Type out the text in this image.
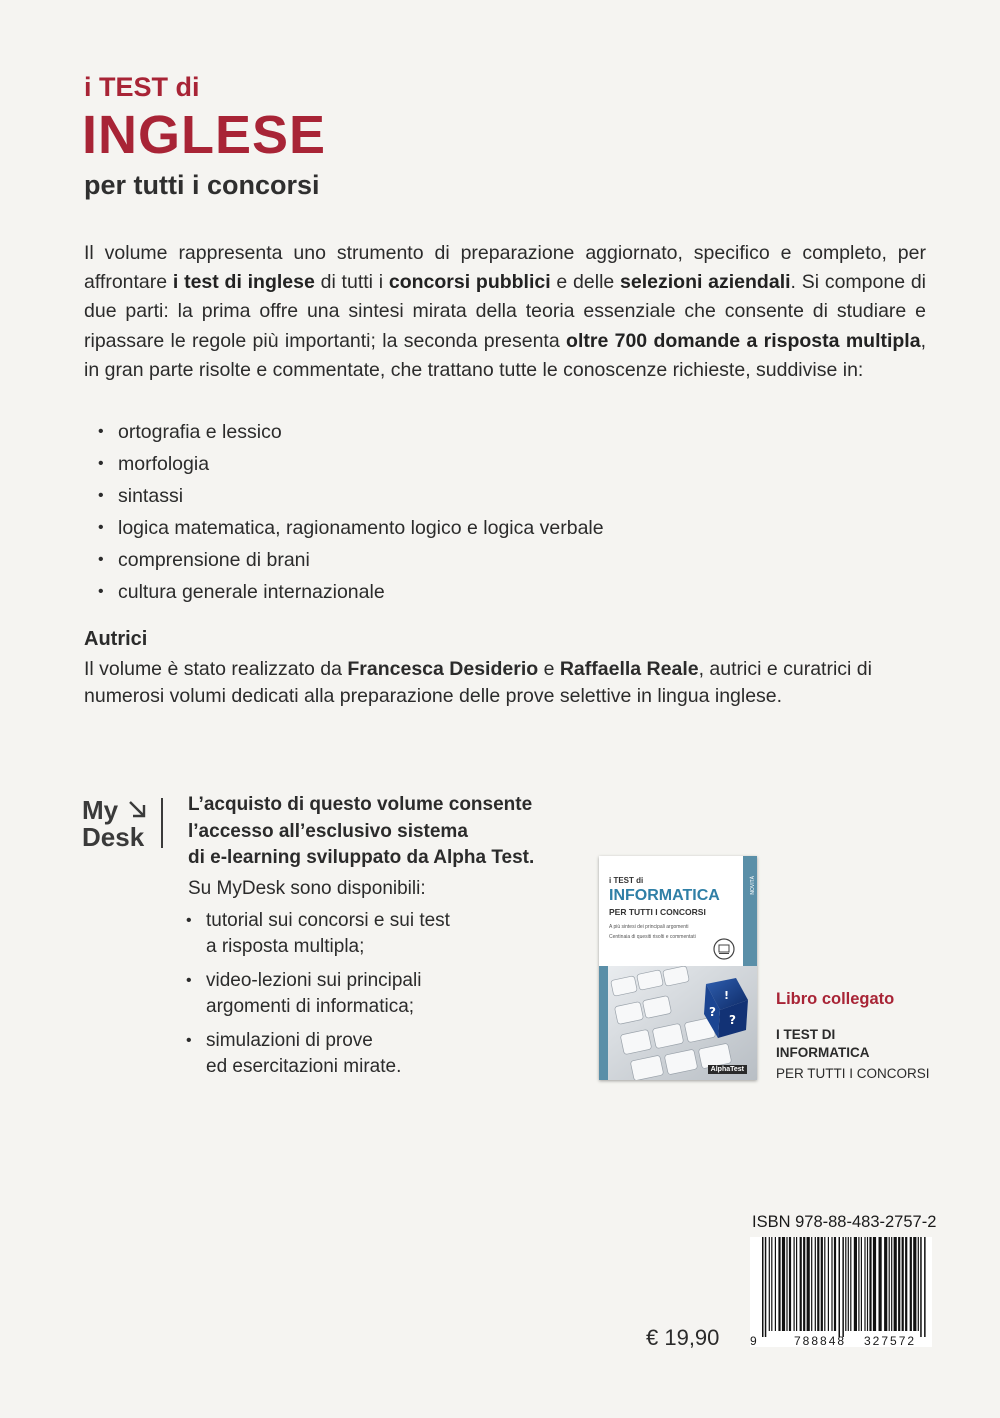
i TEST di
INGLESE
per tutti i concorsi
Il volume rappresenta uno strumento di preparazione aggiornato, specifico e completo, per affrontare i test di inglese di tutti i concorsi pubblici e delle selezioni aziendali. Si compone di due parti: la prima offre una sintesi mirata della teoria essenziale che consente di studiare e ripassare le regole più importanti; la seconda presenta oltre 700 domande a risposta multipla, in gran parte risolte e commentate, che trattano tutte le conoscenze richieste, suddivise in:
• ortografia e lessico
• morfologia
• sintassi
• logica matematica, ragionamento logico e logica verbale
• comprensione di brani
• cultura generale internazionale
Autrici
Il volume è stato realizzato da Francesca Desiderio e Raffaella Reale, autrici e curatrici di numerosi volumi dedicati alla preparazione delle prove selettive in lingua inglese.
My
Desk
L’acquisto di questo volume consente
l’accesso all’esclusivo sistema
di e-learning sviluppato da Alpha Test.
Su MyDesk sono disponibili:
• tutorial sui concorsi e sui test
a risposta multipla;
• video-lezioni sui principali
argomenti di informatica;
• simulazioni di prove
ed esercitazioni mirate.
NOVITÀ
i TEST di
INFORMATICA
PER TUTTI I CONCORSI
A più sintesi dei principali argomenti
Centinaia di quesiti risolti e commentati
!
?
?
AlphaTest
Libro collegato
I TEST DI
INFORMATICA
PER TUTTI I CONCORSI
€ 19,90
ISBN 978-88-483-2757-2
9	788848 327572
